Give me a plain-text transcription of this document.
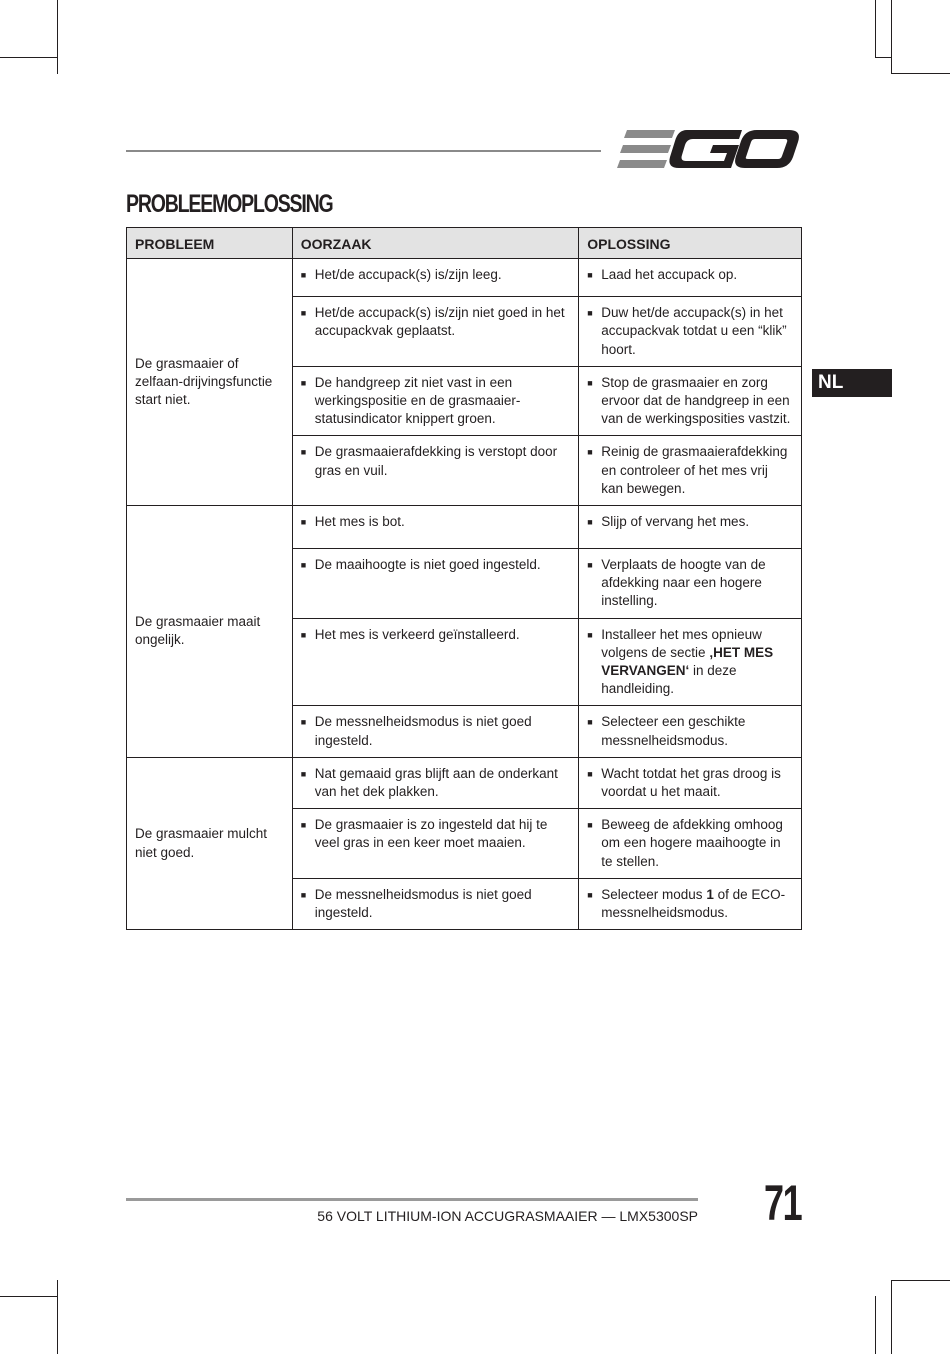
PROBLEEMOPLOSSING
NL
PROBLEEM	OORZAAK	OPLOSSING
De grasmaaier of zelfaan-drijvingsfunctie start niet.	■ Het/de accupack(s) is/zijn leeg.	■ Laad het accupack op.

	■ Het/de accupack(s) is/zijn niet goed in het accupackvak geplaatst.	■ Duw het/de accupack(s) in het accupackvak totdat u een “klik” hoort.

	■ De handgreep zit niet vast in een werkingspositie en de grasmaaier-statusindicator knippert groen.	■ Stop de grasmaaier en zorg ervoor dat de handgreep in een van de werkingsposities vastzit.

	■ De grasmaaierafdekking is verstopt door gras en vuil.	■ Reinig de grasmaaierafdekking en controleer of het mes vrij kan bewegen.

De grasmaaier maait ongelijk.	■ Het mes is bot.	■ Slijp of vervang het mes.

	■ De maaihoogte is niet goed ingesteld.	■ Verplaats de hoogte van de afdekking naar een hogere instelling.

	■ Het mes is verkeerd geïnstalleerd.	■ Installeer het mes opnieuw volgens de sectie ‚HET MES VERVANGEN‘ in deze handleiding.

	■ De messnelheidsmodus is niet goed ingesteld.	■ Selecteer een geschikte messnelheidsmodus.

De grasmaaier mulcht niet goed.	■ Nat gemaaid gras blijft aan de onderkant van het dek plakken.	■ Wacht totdat het gras droog is voordat u het maait.

	■ De grasmaaier is zo ingesteld dat hij te veel gras in een keer moet maaien.	■ Beweeg de afdekking omhoog om een hogere maaihoogte in te stellen.

	■ De messnelheidsmodus is niet goed ingesteld.	■ Selecteer modus 1 of de ECO-messnelheidsmodus.
56 VOLT LITHIUM-ION ACCUGRASMAAIER — LMX5300SP 71
